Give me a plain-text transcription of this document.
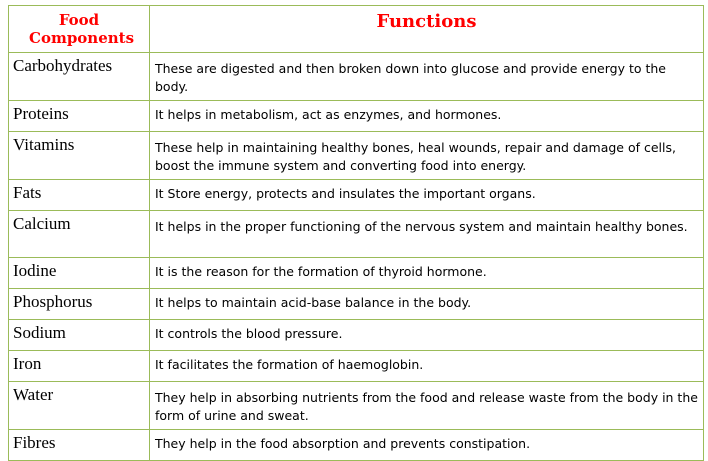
Food Components	Functions
Carbohydrates	These are digested and then broken down into glucose and provide energy to the body.
Proteins	It helps in metabolism, act as enzymes, and hormones.
Vitamins	These help in maintaining healthy bones, heal wounds, repair and damage of cells, boost the immune system and converting food into energy.
Fats	It Store energy, protects and insulates the important organs.
Calcium	It helps in the proper functioning of the nervous system and maintain healthy bones.
Iodine	It is the reason for the formation of thyroid hormone.
Phosphorus	It helps to maintain acid-base balance in the body.
Sodium	It controls the blood pressure.
Iron	It facilitates the formation of haemoglobin.
Water	They help in absorbing nutrients from the food and release waste from the body in the form of urine and sweat.
Fibres	They help in the food absorption and prevents constipation.
